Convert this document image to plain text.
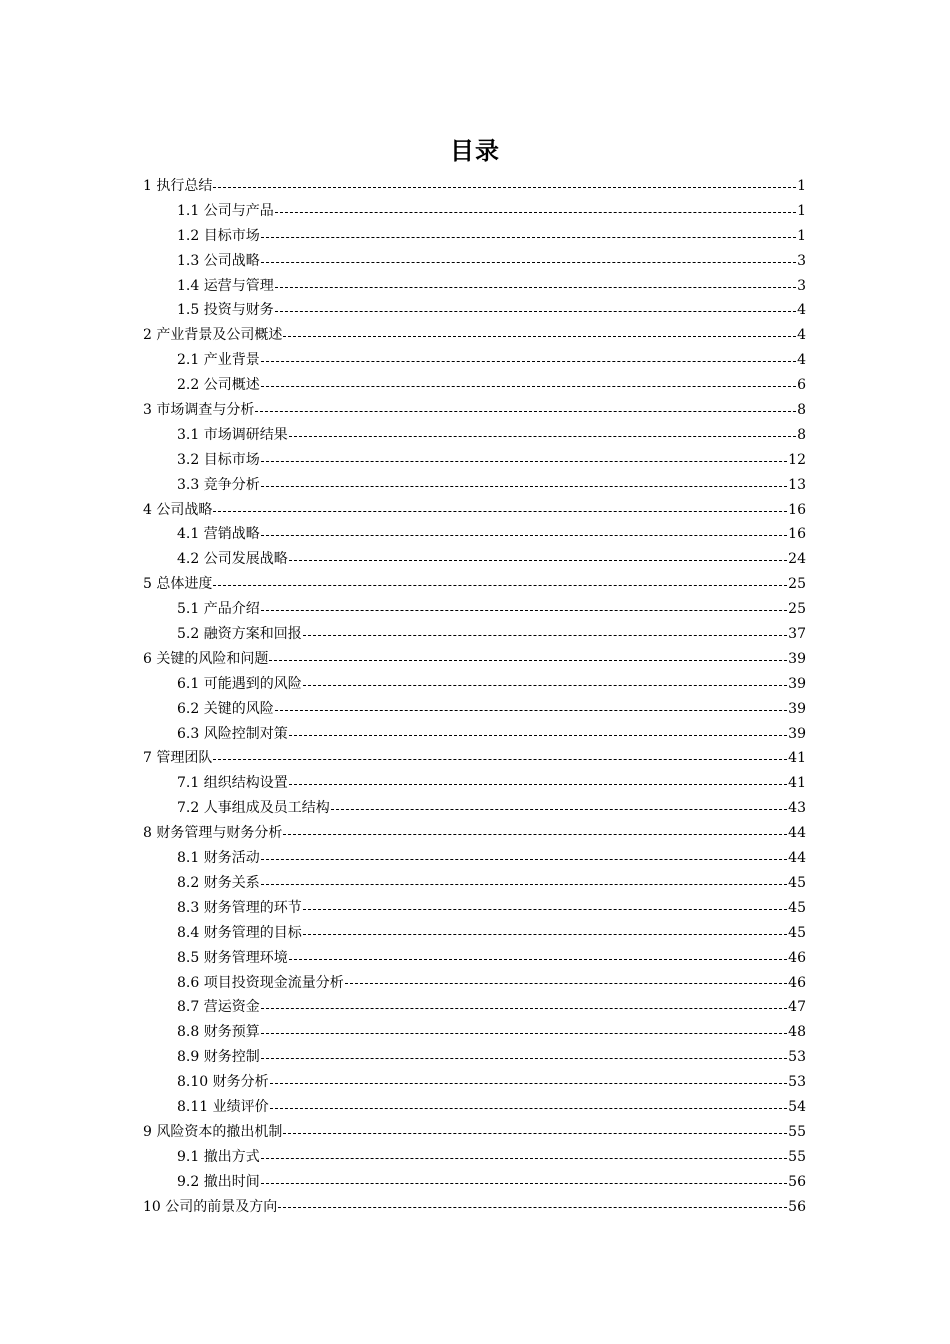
目录
1 执行总结	1
1.1 公司与产品	1
1.2 目标市场	1
1.3 公司战略	3
1.4 运营与管理	3
1.5 投资与财务	4
2 产业背景及公司概述	4
2.1 产业背景	4
2.2 公司概述	6
3 市场调查与分析	8
3.1 市场调研结果	8
3.2 目标市场	12
3.3 竞争分析	13
4 公司战略	16
4.1 营销战略	16
4.2 公司发展战略	24
5 总体进度	25
5.1 产品介绍	25
5.2 融资方案和回报	37
6 关键的风险和问题	39
6.1 可能遇到的风险	39
6.2 关键的风险	39
6.3 风险控制对策	39
7 管理团队	41
7.1 组织结构设置	41
7.2 人事组成及员工结构	43
8 财务管理与财务分析	44
8.1 财务活动	44
8.2 财务关系	45
8.3 财务管理的环节	45
8.4 财务管理的目标	45
8.5 财务管理环境	46
8.6 项目投资现金流量分析	46
8.7 营运资金	47
8.8 财务预算	48
8.9 财务控制	53
8.10 财务分析	53
8.11 业绩评价	54
9 风险资本的撤出机制	55
9.1 撤出方式	55
9.2 撤出时间	56
10 公司的前景及方向	56
